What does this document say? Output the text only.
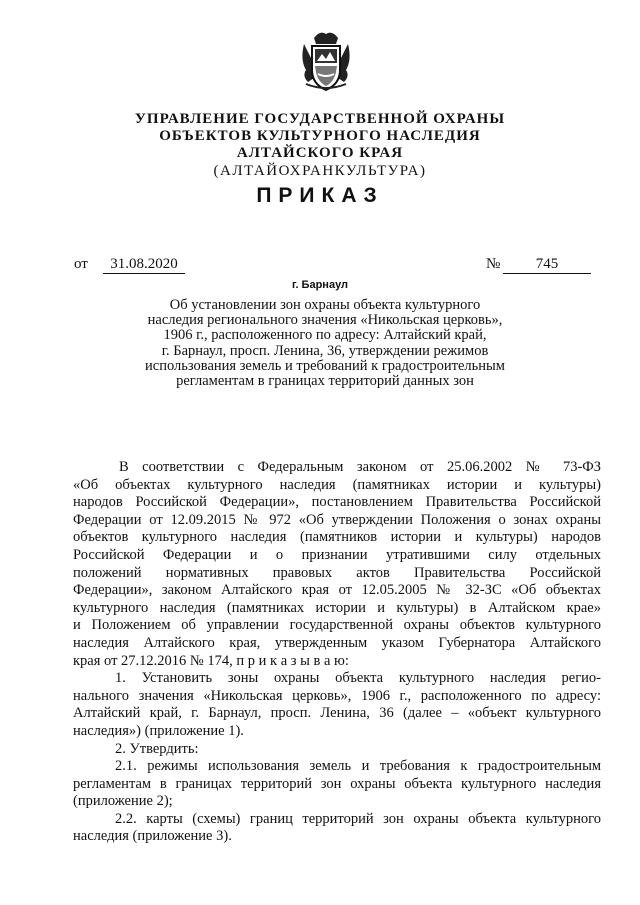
УПРАВЛЕНИЕ ГОСУДАРСТВЕННОЙ ОХРАНЫ
ОБЪЕКТОВ КУЛЬТУРНОГО НАСЛЕДИЯ
АЛТАЙСКОГО КРАЯ
(АЛТАЙОХРАНКУЛЬТУРА)
ПРИКАЗ
от	31.08.2020	№	745
г. Барнаул
Об установлении зон охраны объекта культурного
наследия регионального значения «Никольская церковь»,
1906 г., расположенного по адресу: Алтайский край,
г. Барнаул, просп. Ленина, 36, утверждении режимов
использования земель и требований к градостроительным
регламентам в границах территорий данных зон
В соответствии с Федеральным законом от 25.06.2002 № 73-ФЗ
«Об объектах культурного наследия (памятниках истории и культуры)
народов Российской Федерации», постановлением Правительства Российской
Федерации от 12.09.2015 № 972 «Об утверждении Положения о зонах охраны
объектов культурного наследия (памятников истории и культуры) народов
Российской Федерации и о признании утратившими силу отдельных
положений нормативных правовых актов Правительства Российской
Федерации», законом Алтайского края от 12.05.2005 № 32-ЗС «Об объектах
культурного наследия (памятниках истории и культуры) в Алтайском крае»
и Положением об управлении государственной охраны объектов культурного
наследия Алтайского края, утвержденным указом Губернатора Алтайского
края от 27.12.2016 № 174, п р и к а з ы в а ю:
1. Установить зоны охраны объекта культурного наследия регио-
нального значения «Никольская церковь», 1906 г., расположенного по адресу:
Алтайский край, г. Барнаул, просп. Ленина, 36 (далее – «объект культурного
наследия») (приложение 1).
2. Утвердить:
2.1. режимы использования земель и требования к градостроительным
регламентам в границах территорий зон охраны объекта культурного наследия
(приложение 2);
2.2. карты (схемы) границ территорий зон охраны объекта культурного
наследия (приложение 3).
